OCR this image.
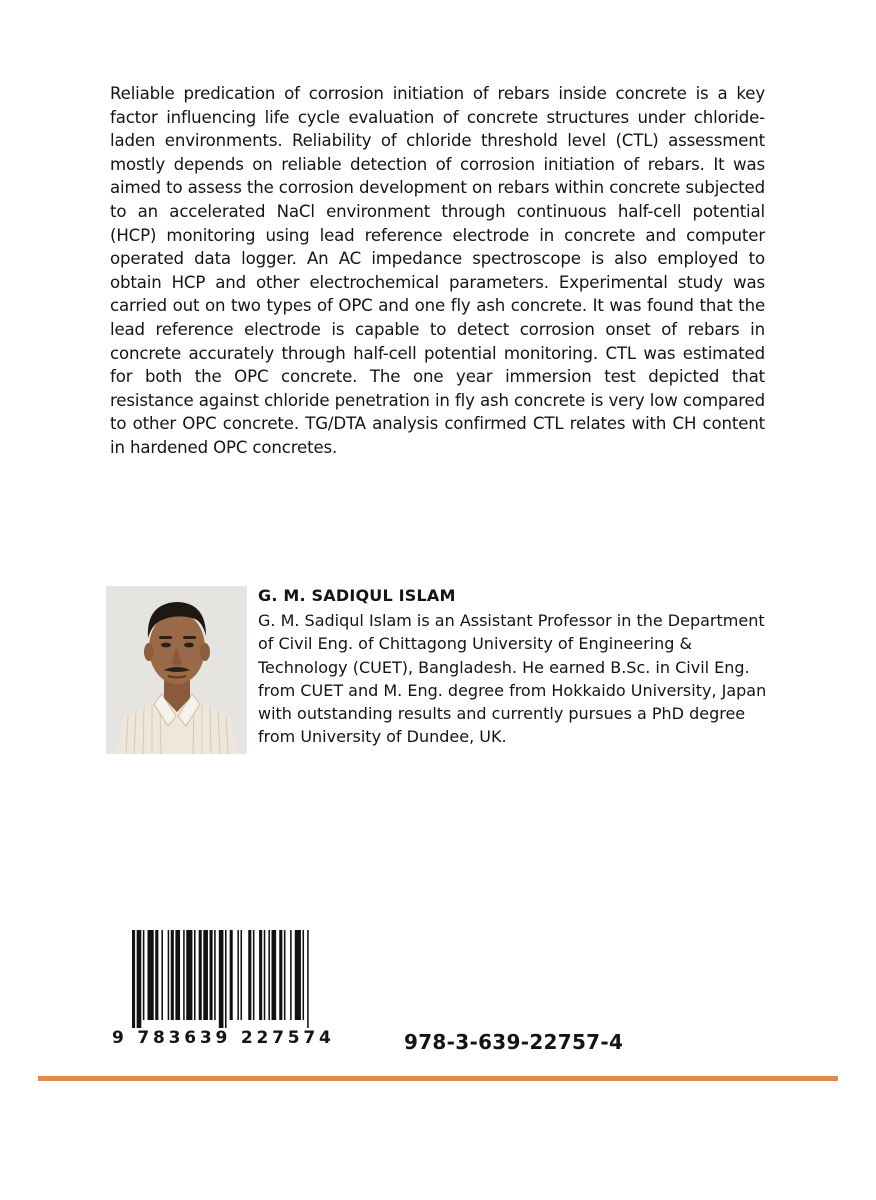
Reliable predication of corrosion initiation of rebars inside concrete is a key factor influencing life cycle evaluation of concrete structures under chloride-laden environments. Reliability of chloride threshold level (CTL) assessment mostly depends on reliable detection of corrosion initiation of rebars. It was aimed to assess the corrosion development on rebars within concrete subjected to an accelerated NaCl environment through continuous half-cell potential (HCP) monitoring using lead reference electrode in concrete and computer operated data logger. An AC impedance spectroscope is also employed to obtain HCP and other electrochemical parameters. Experimental study was carried out on two types of OPC and one fly ash concrete. It was found that the lead reference electrode is capable to detect corrosion onset of rebars in concrete accurately through half-cell potential monitoring. CTL was estimated for both the OPC concrete. The one year immersion test depicted that resistance against chloride penetration in fly ash concrete is very low compared to other OPC concrete. TG/DTA analysis confirmed CTL relates with CH content in hardened OPC concretes.

G. M. SADIQUL ISLAM

G. M. Sadiqul Islam is an Assistant Professor in the Department of Civil Eng. of Chittagong University of Engineering & Technology (CUET), Bangladesh. He earned B.Sc. in Civil Eng. from CUET and M. Eng. degree from Hokkaido University, Japan with outstanding results and currently pursues a PhD degree from University of Dundee, UK.

9 783639 227574	978-3-639-22757-4
